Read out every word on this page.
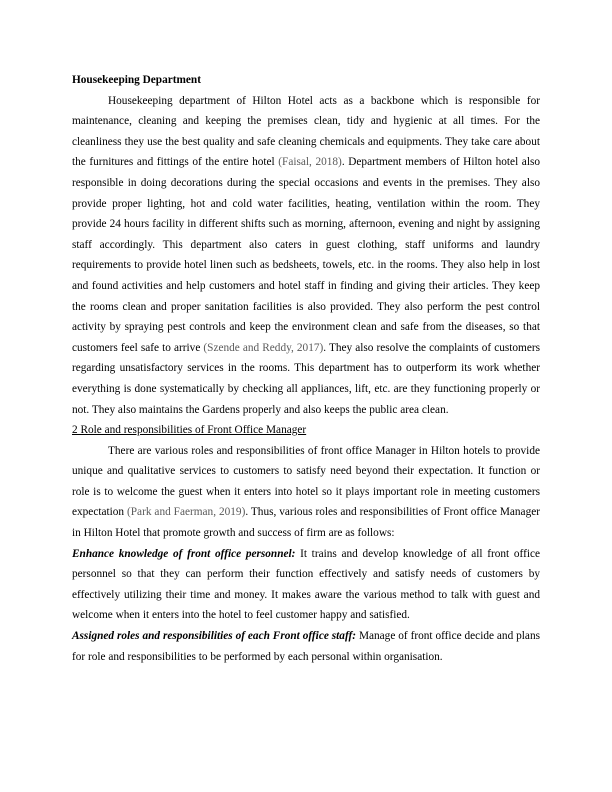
Housekeeping Department

Housekeeping department of Hilton Hotel acts as a backbone which is responsible for maintenance, cleaning and keeping the premises clean, tidy and hygienic at all times. For the cleanliness they use the best quality and safe cleaning chemicals and equipments. They take care about the furnitures and fittings of the entire hotel (Faisal, 2018). Department members of Hilton hotel also responsible in doing decorations during the special occasions and events in the premises. They also provide proper lighting, hot and cold water facilities, heating, ventilation within the room. They provide 24 hours facility in different shifts such as morning, afternoon, evening and night by assigning staff accordingly. This department also caters in guest clothing, staff uniforms and laundry requirements to provide hotel linen such as bedsheets, towels, etc. in the rooms. They also help in lost and found activities and help customers and hotel staff in finding and giving their articles. They keep the rooms clean and proper sanitation facilities is also provided. They also perform the pest control activity by spraying pest controls and keep the environment clean and safe from the diseases, so that customers feel safe to arrive (Szende and Reddy, 2017). They also resolve the complaints of customers regarding unsatisfactory services in the rooms. This department has to outperform its work whether everything is done systematically by checking all appliances, lift, etc. are they functioning properly or not. They also maintains the Gardens properly and also keeps the public area clean.

2 Role and responsibilities of Front Office Manager

There are various roles and responsibilities of front office Manager in Hilton hotels to provide unique and qualitative services to customers to satisfy need beyond their expectation. It function or role is to welcome the guest when it enters into hotel so it plays important role in meeting customers expectation (Park and Faerman, 2019). Thus, various roles and responsibilities of Front office Manager in Hilton Hotel that promote growth and success of firm are as follows:

Enhance knowledge of front office personnel: It trains and develop knowledge of all front office personnel so that they can perform their function effectively and satisfy needs of customers by effectively utilizing their time and money. It makes aware the various method to talk with guest and welcome when it enters into the hotel to feel customer happy and satisfied.

Assigned roles and responsibilities of each Front office staff: Manage of front office decide and plans for role and responsibilities to be performed by each personal within organisation.
